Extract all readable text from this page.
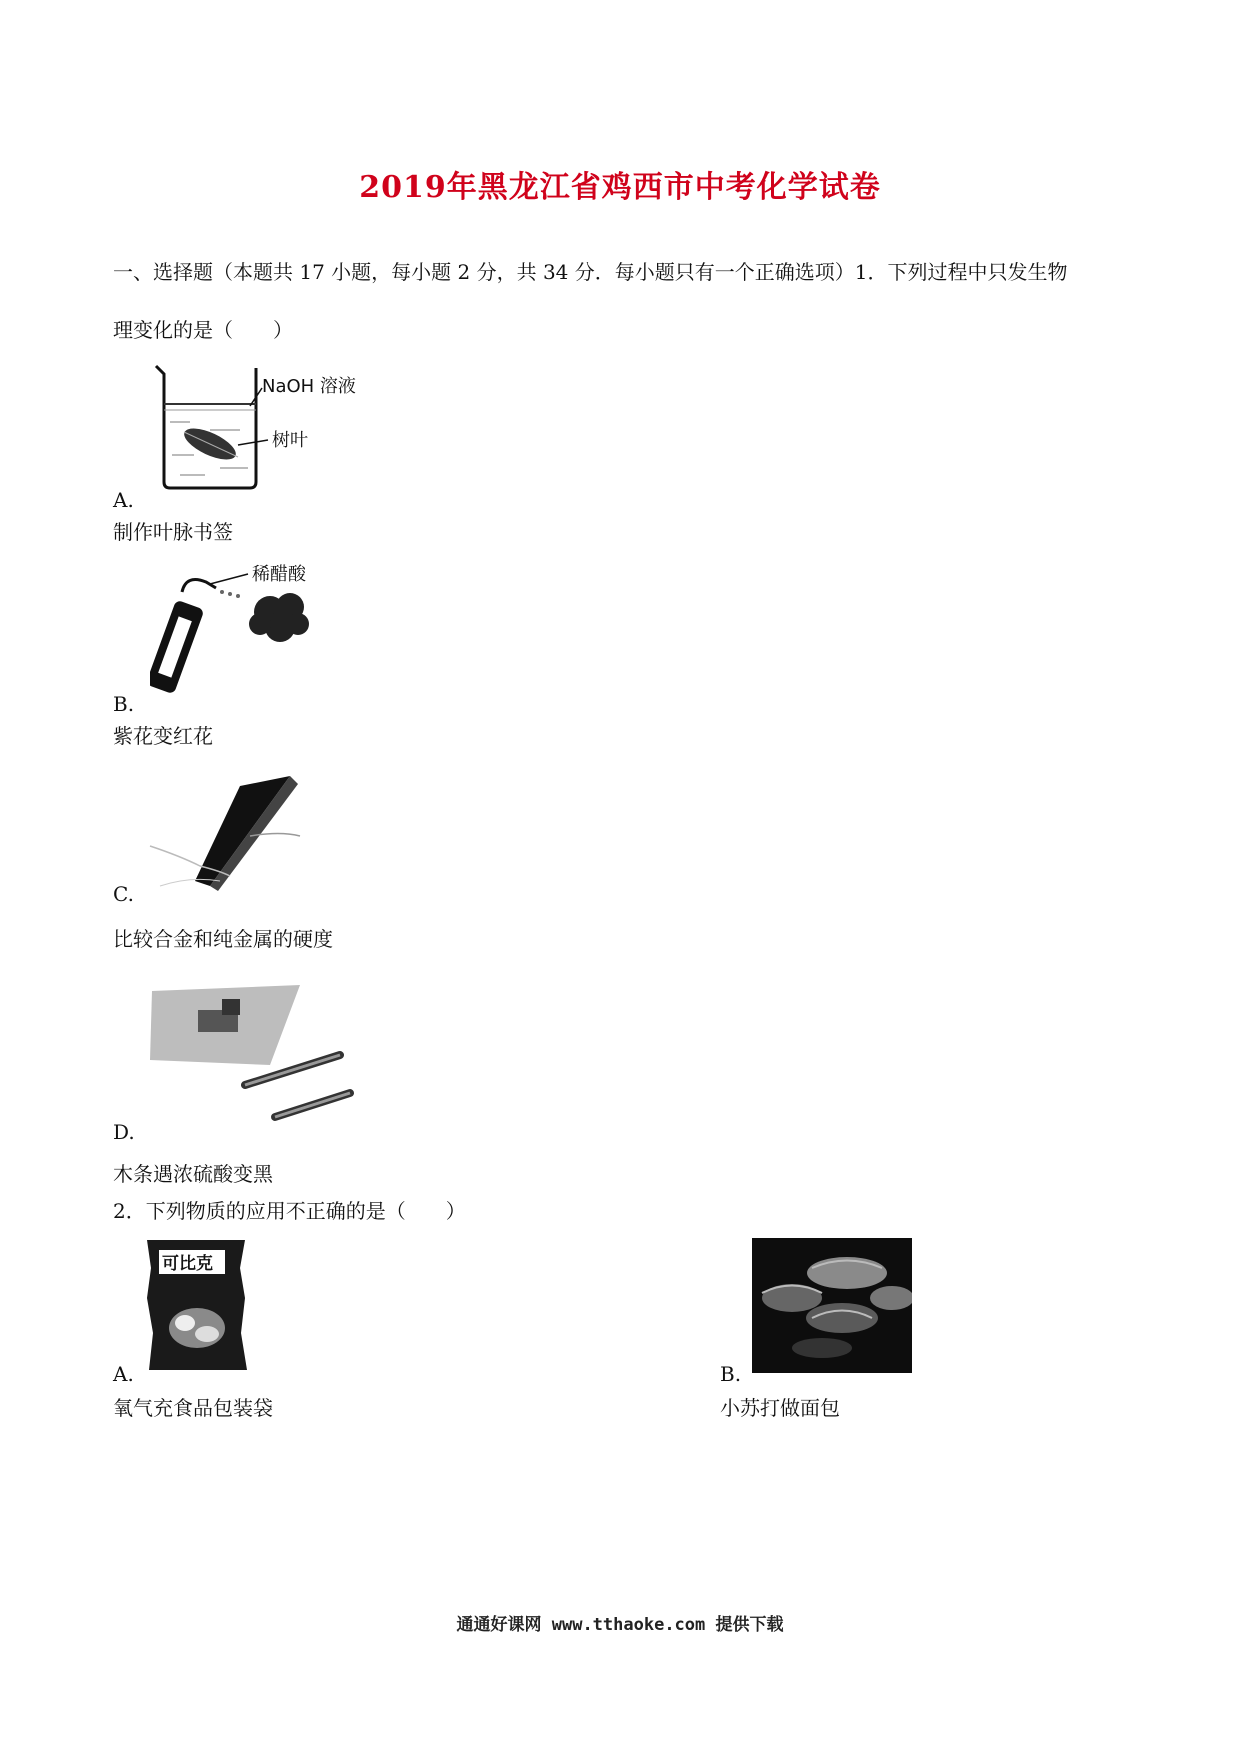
2019年黑龙江省鸡西市中考化学试卷
一、选择题（本题共 17 小题，每小题 2 分，共 34 分．每小题只有一个正确选项）1．下列过程中只发生物
理变化的是（　　）
NaOH 溶液
树叶
A.
制作叶脉书签
稀醋酸
B.
紫花变红花
C.
比较合金和纯金属的硬度
D.
木条遇浓硫酸变黑
2．下列物质的应用不正确的是（　　）
可比克
A.
氧气充食品包装袋
B.
小苏打做面包
通通好课网 www.tthaoke.com 提供下载
